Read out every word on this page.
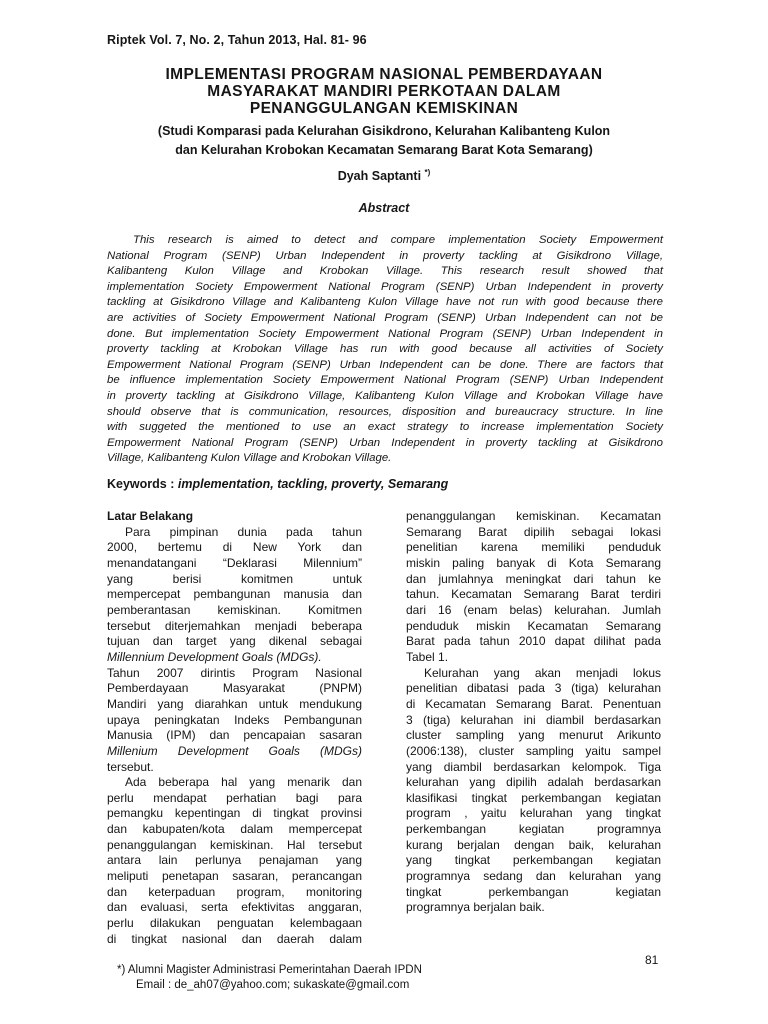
Riptek Vol. 7, No. 2, Tahun 2013, Hal. 81- 96
IMPLEMENTASI PROGRAM NASIONAL PEMBERDAYAAN
MASYARAKAT MANDIRI PERKOTAAN DALAM
PENANGGULANGAN KEMISKINAN
(Studi Komparasi pada Kelurahan Gisikdrono, Kelurahan Kalibanteng Kulon
dan Kelurahan Krobokan Kecamatan Semarang Barat Kota Semarang)
Dyah Saptanti *)
Abstract
This research is aimed to detect and compare implementation Society Empowerment
National Program (SENP) Urban Independent in proverty tackling at Gisikdrono Village,
Kalibanteng Kulon Village and Krobokan Village. This research result showed that
implementation Society Empowerment National Program (SENP) Urban Independent in proverty
tackling at Gisikdrono Village and Kalibanteng Kulon Village have not run with good because there
are activities of Society Empowerment National Program (SENP) Urban Independent can not be
done. But implementation Society Empowerment National Program (SENP) Urban Independent in
proverty tackling at Krobokan Village has run with good because all activities of Society
Empowerment National Program (SENP) Urban Independent can be done. There are factors that
be influence implementation Society Empowerment National Program (SENP) Urban Independent
in proverty tackling at Gisikdrono Village, Kalibanteng Kulon Village and Krobokan Village have
should observe that is communication, resources, disposition and bureaucracy structure. In line
with suggeted the mentioned to use an exact strategy to increase implementation Society
Empowerment National Program (SENP) Urban Independent in proverty tackling at Gisikdrono
Village, Kalibanteng Kulon Village and Krobokan Village.
Keywords : implementation, tackling, proverty, Semarang
Latar Belakang
Para pimpinan dunia pada tahun
2000, bertemu di New York dan
menandatangani “Deklarasi Milennium”
yang berisi komitmen untuk
mempercepat pembangunan manusia dan
pemberantasan kemiskinan. Komitmen
tersebut diterjemahkan menjadi beberapa
tujuan dan target yang dikenal sebagai
Millennium Development Goals (MDGs).
Tahun 2007 dirintis Program Nasional
Pemberdayaan Masyarakat (PNPM)
Mandiri yang diarahkan untuk mendukung
upaya peningkatan Indeks Pembangunan
Manusia (IPM) dan pencapaian sasaran
Millenium Development Goals (MDGs)
tersebut.
Ada beberapa hal yang menarik dan
perlu mendapat perhatian bagi para
pemangku kepentingan di tingkat provinsi
dan kabupaten/kota dalam mempercepat
penanggulangan kemiskinan. Hal tersebut
antara lain perlunya penajaman yang
meliputi penetapan sasaran, perancangan
dan keterpaduan program, monitoring
dan evaluasi, serta efektivitas anggaran,
perlu dilakukan penguatan kelembagaan
di tingkat nasional dan daerah dalam
penanggulangan kemiskinan. Kecamatan
Semarang Barat dipilih sebagai lokasi
penelitian karena memiliki penduduk
miskin paling banyak di Kota Semarang
dan jumlahnya meningkat dari tahun ke
tahun. Kecamatan Semarang Barat terdiri
dari 16 (enam belas) kelurahan. Jumlah
penduduk miskin Kecamatan Semarang
Barat pada tahun 2010 dapat dilihat pada
Tabel 1.
Kelurahan yang akan menjadi lokus
penelitian dibatasi pada 3 (tiga) kelurahan
di Kecamatan Semarang Barat. Penentuan
3 (tiga) kelurahan ini diambil berdasarkan
cluster sampling yang menurut Arikunto
(2006:138), cluster sampling yaitu sampel
yang diambil berdasarkan kelompok. Tiga
kelurahan yang dipilih adalah berdasarkan
klasifikasi tingkat perkembangan kegiatan
program , yaitu kelurahan yang tingkat
perkembangan kegiatan programnya
kurang berjalan dengan baik, kelurahan
yang tingkat perkembangan kegiatan
programnya sedang dan kelurahan yang
tingkat perkembangan kegiatan
programnya berjalan baik.
81
*) Alumni Magister Administrasi Pemerintahan Daerah IPDN
Email : de_ah07@yahoo.com; sukaskate@gmail.com
